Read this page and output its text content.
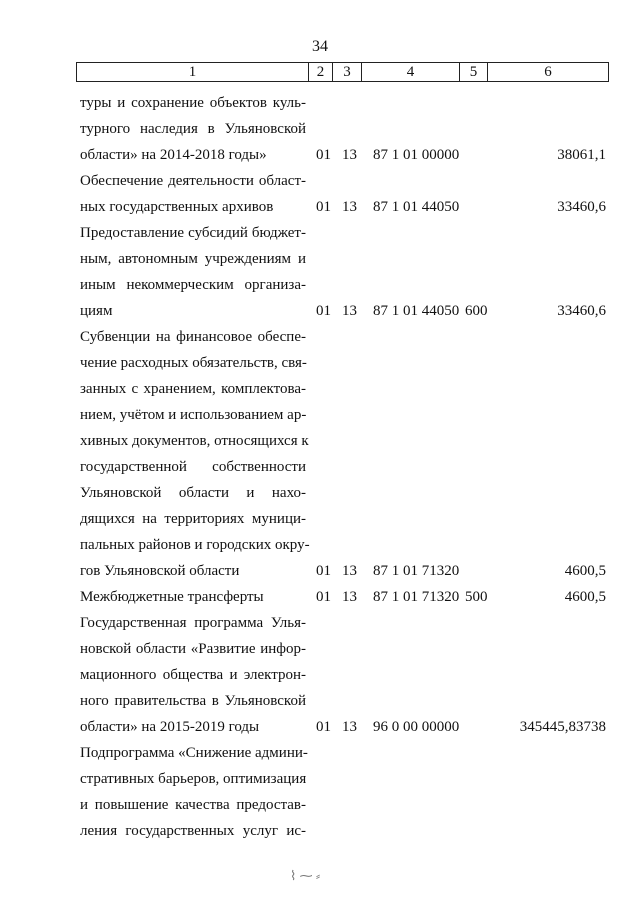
34
1	2	3	4	5	6
туры и сохранение объектов куль-
турного наследия в Ульяновской
области» на 2014-2018 годы»	01 13 87 1 01 00000	38061,1
Обеспечение деятельности област-
ных государственных архивов	01 13 87 1 01 44050	33460,6
Предоставление субсидий бюджет-
ным, автономным учреждениям и
иным некоммерческим организа-
циям	01 13 87 1 01 44050 600	33460,6
Субвенции на финансовое обеспе-
чение расходных обязательств, свя-
занных с хранением, комплектова-
нием, учётом и использованием ар-
хивных документов, относящихся к
государственной собственности
Ульяновской области и нахо-
дящихся на территориях муници-
пальных районов и городских окру-
гов Ульяновской области	01 13 87 1 01 71320	4600,5
Межбюджетные трансферты	01 13 87 1 01 71320 500	4600,5
Государственная программа Улья-
новской области «Развитие инфор-
мационного общества и электрон-
ного правительства в Ульяновской
области» на 2015-2019 годы	01 13 96 0 00 00000	345445,83738
Подпрограмма «Снижение админи-
стративных барьеров, оптимизация
и повышение качества предостав-
ления государственных услуг ис-
⌇ ⁓ ⸗
